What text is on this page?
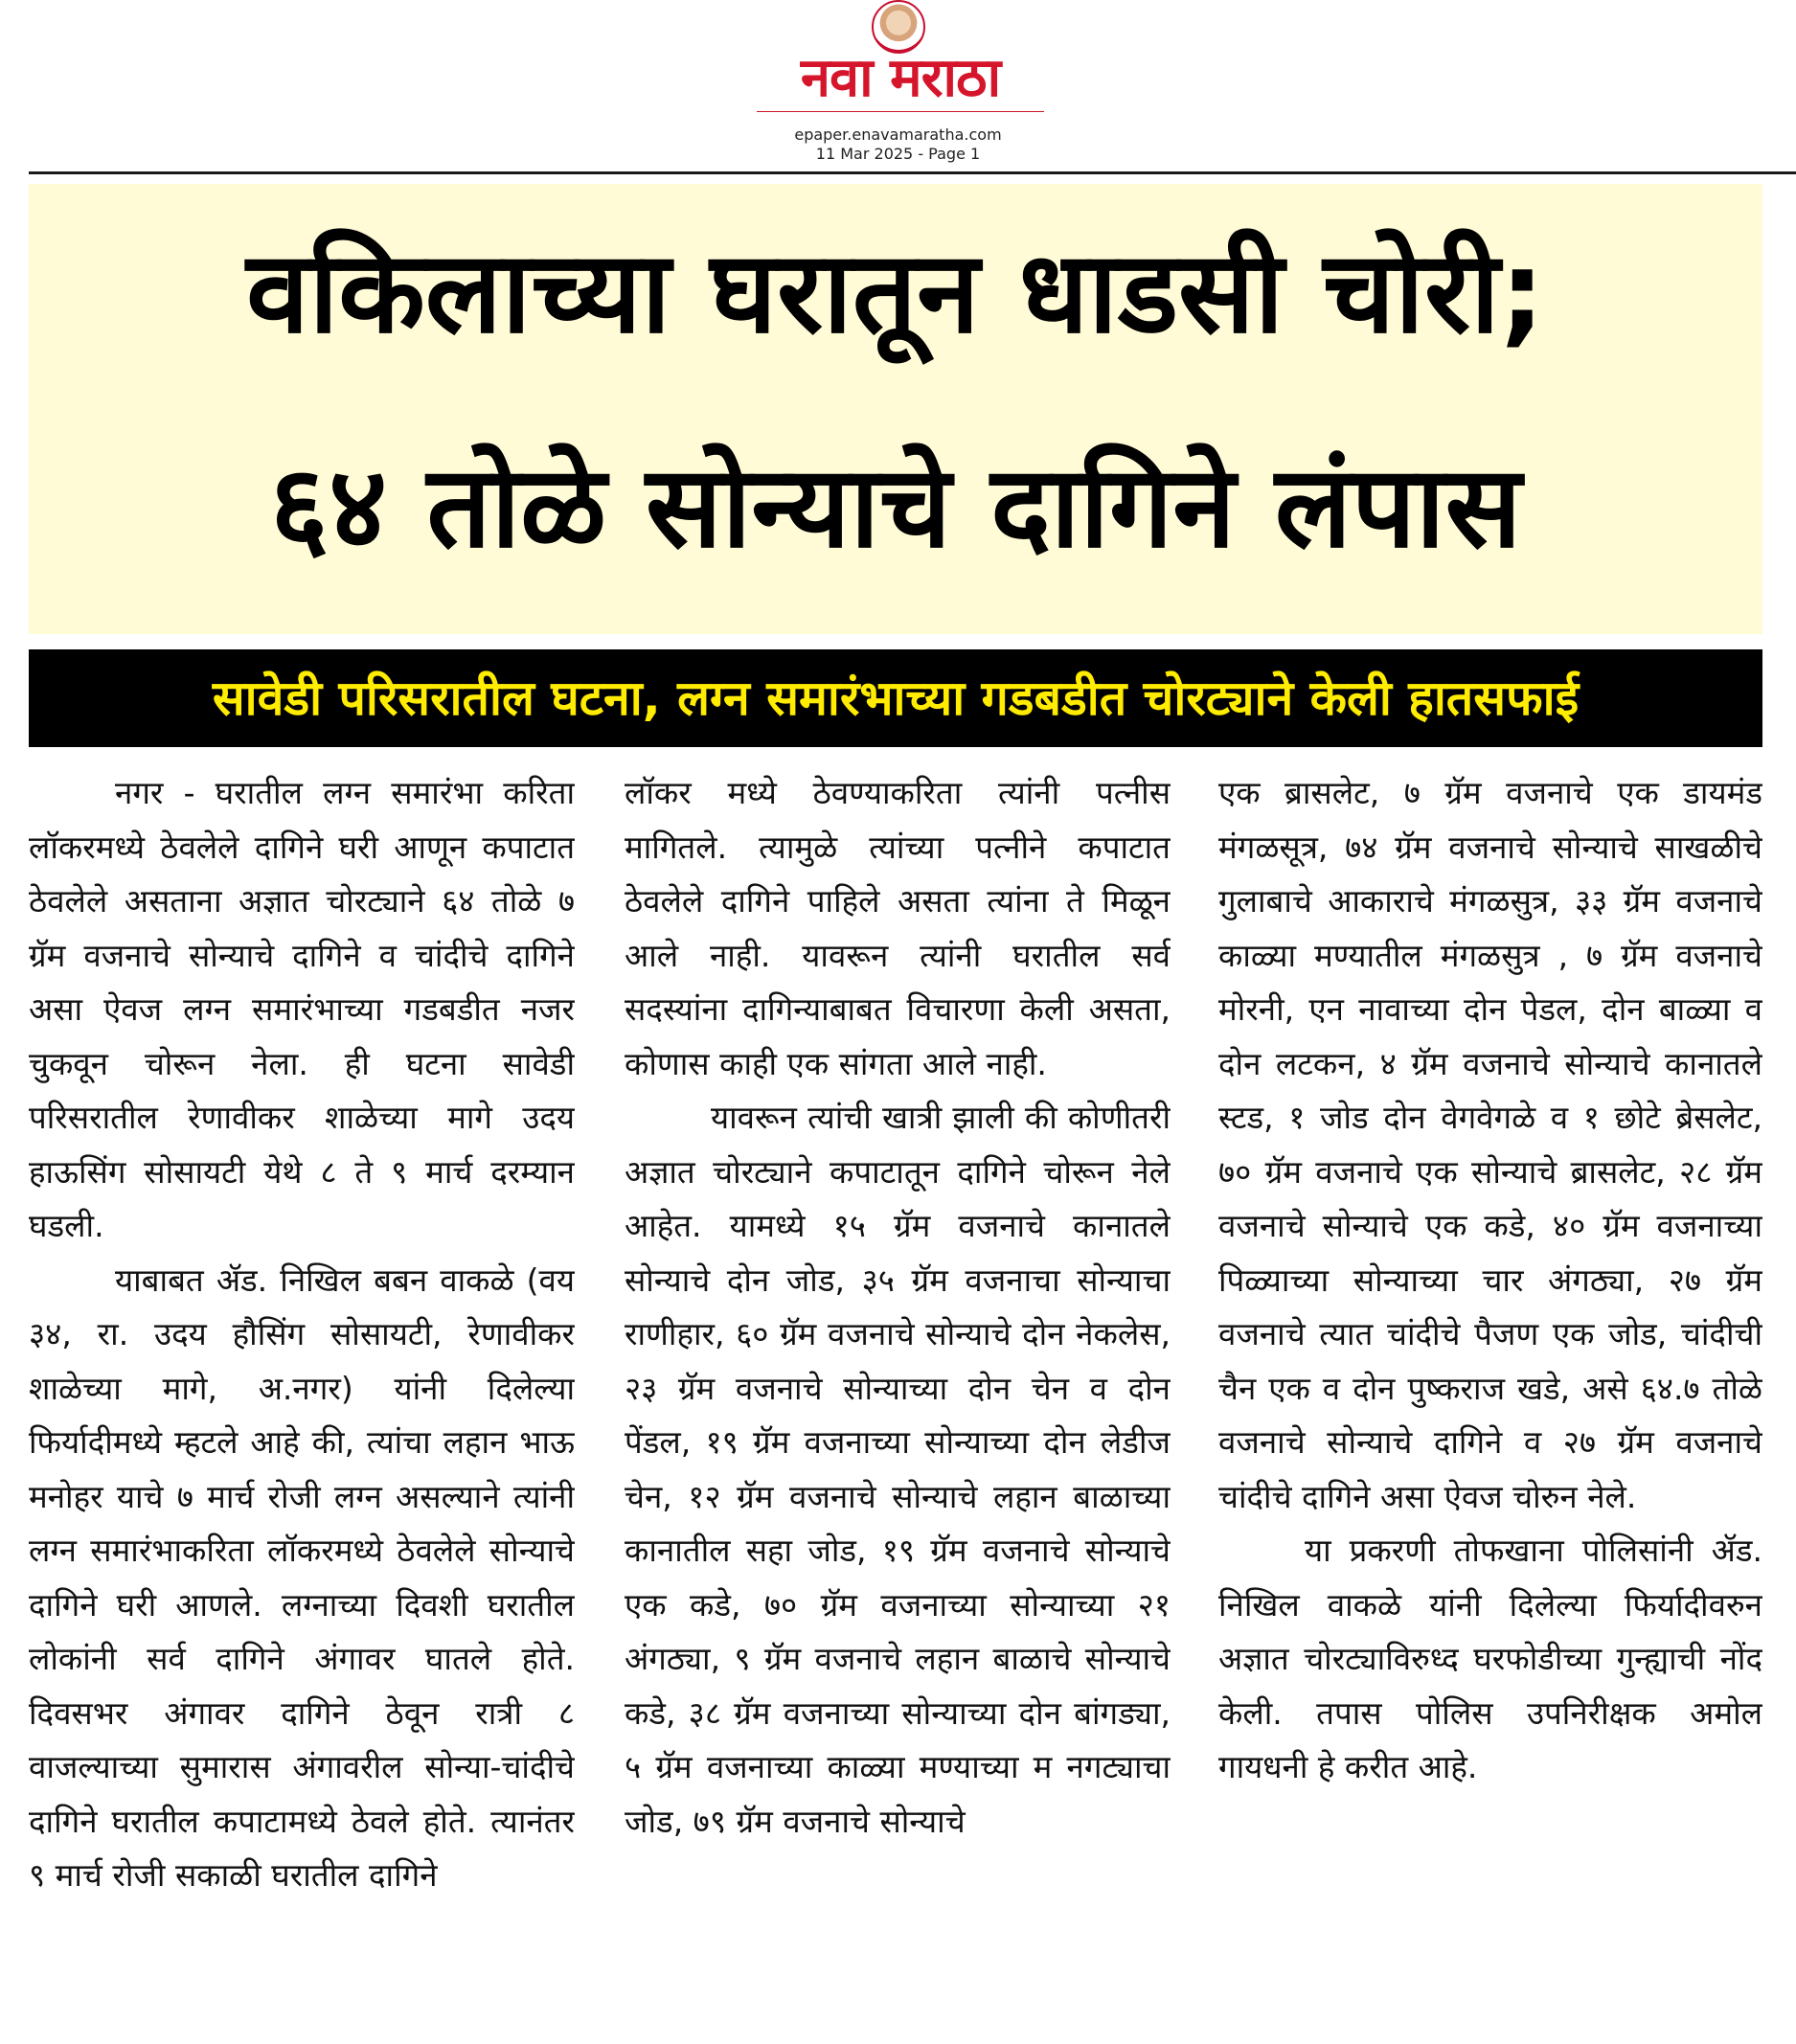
नवा मराठा
epaper.enavamaratha.com
11 Mar 2025 - Page 1
वकिलाच्या घरातून धाडसी चोरी;
६४ तोळे सोन्याचे दागिने लंपास
सावेडी परिसरातील घटना, लग्न समारंभाच्या गडबडीत चोरट्याने केली हातसफाई

नगर - घरातील लग्न समारंभा करिता लॉकरमध्ये ठेवलेले दागिने घरी आणून कपाटात ठेवलेले असताना अज्ञात चोरट्याने ६४ तोळे ७ ग्रॅम वजनाचे सोन्याचे दागिने व चांदीचे दागिने असा ऐवज लग्न समारंभाच्या गडबडीत नजर चुकवून चोरून नेला. ही घटना सावेडी परिसरातील रेणावीकर शाळेच्या मागे उदय हाऊसिंग सोसायटी येथे ८ ते ९ मार्च दरम्यान घडली.

याबाबत ॲड. निखिल बबन वाकळे (वय ३४, रा. उदय हौसिंग सोसायटी, रेणावीकर शाळेच्या मागे, अ.नगर) यांनी दिलेल्या फिर्यादीमध्ये म्हटले आहे की, त्यांचा लहान भाऊ मनोहर याचे ७ मार्च रोजी लग्न असल्याने त्यांनी लग्न समारंभाकरिता लॉकरमध्ये ठेवलेले सोन्याचे दागिने घरी आणले. लग्नाच्या दिवशी घरातील लोकांनी सर्व दागिने अंगावर घातले होते. दिवसभर अंगावर दागिने ठेवून रात्री ८ वाजल्याच्या सुमारास अंगावरील सोन्या-चांदीचे दागिने घरातील कपाटामध्ये ठेवले होते. त्यानंतर ९ मार्च रोजी सकाळी घरातील दागिने

लॉकर मध्ये ठेवण्याकरिता त्यांनी पत्नीस मागितले. त्यामुळे त्यांच्या पत्नीने कपाटात ठेवलेले दागिने पाहिले असता त्यांना ते मिळून आले नाही. यावरून त्यांनी घरातील सर्व सदस्यांना दागिन्याबाबत विचारणा केली असता, कोणास काही एक सांगता आले नाही.

यावरून त्यांची खात्री झाली की कोणीतरी अज्ञात चोरट्याने कपाटातून दागिने चोरून नेले आहेत. यामध्ये १५ ग्रॅम वजनाचे कानातले सोन्याचे दोन जोड, ३५ ग्रॅम वजनाचा सोन्याचा राणीहार, ६० ग्रॅम वजनाचे सोन्याचे दोन नेकलेस, २३ ग्रॅम वजनाचे सोन्याच्या दोन चेन व दोन पेंडल, १९ ग्रॅम वजनाच्या सोन्याच्या दोन लेडीज चेन, १२ ग्रॅम वजनाचे सोन्याचे लहान बाळाच्या कानातील सहा जोड, १९ ग्रॅम वजनाचे सोन्याचे एक कडे, ७० ग्रॅम वजनाच्या सोन्याच्या २१ अंगठ्या, ९ ग्रॅम वजनाचे लहान बाळाचे सोन्याचे कडे, ३८ ग्रॅम वजनाच्या सोन्याच्या दोन बांगड्या, ५ ग्रॅम वजनाच्या काळ्या मण्याच्या म नगट्याचा जोड, ७९ ग्रॅम वजनाचे सोन्याचे

एक ब्रासलेट, ७ ग्रॅम वजनाचे एक डायमंड मंगळसूत्र, ७४ ग्रॅम वजनाचे सोन्याचे साखळीचे गुलाबाचे आकाराचे मंगळसुत्र, ३३ ग्रॅम वजनाचे काळ्या मण्यातील मंगळसुत्र , ७ ग्रॅम वजनाचे मोरनी, एन नावाच्या दोन पेडल, दोन बाळ्या व दोन लटकन, ४ ग्रॅम वजनाचे सोन्याचे कानातले स्टड, १ जोड दोन वेगवेगळे व १ छोटे ब्रेसलेट, ७० ग्रॅम वजनाचे एक सोन्याचे ब्रासलेट, २८ ग्रॅम वजनाचे सोन्याचे एक कडे, ४० ग्रॅम वजनाच्या पिळ्याच्या सोन्याच्या चार अंगठ्या, २७ ग्रॅम वजनाचे त्यात चांदीचे पैजण एक जोड, चांदीची चैन एक व दोन पुष्कराज खडे, असे ६४.७ तोळे वजनाचे सोन्याचे दागिने व २७ ग्रॅम वजनाचे चांदीचे दागिने असा ऐवज चोरुन नेले.

या प्रकरणी तोफखाना पोलिसांनी ॲड. निखिल वाकळे यांनी दिलेल्या फिर्यादीवरुन अज्ञात चोरट्याविरुध्द घरफोडीच्या गुन्ह्याची नोंद केली. तपास पोलिस उपनिरीक्षक अमोल गायधनी हे करीत आहे.
